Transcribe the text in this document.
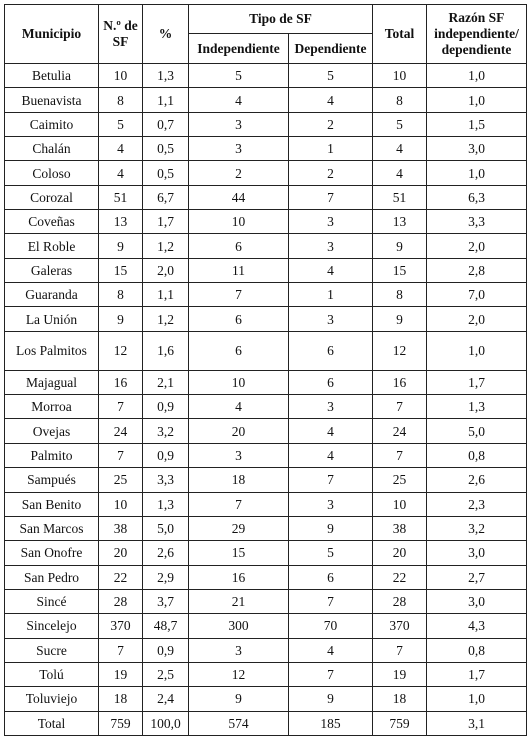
Municipio	N.º de SF	%	Tipo de SF		Total	Razón SF independiente/ dependiente
			Independiente	Dependiente		
Betulia	10	1,3	5	5	10	1,0
Buenavista	8	1,1	4	4	8	1,0
Caimito	5	0,7	3	2	5	1,5
Chalán	4	0,5	3	1	4	3,0
Coloso	4	0,5	2	2	4	1,0
Corozal	51	6,7	44	7	51	6,3
Coveñas	13	1,7	10	3	13	3,3
El Roble	9	1,2	6	3	9	2,0
Galeras	15	2,0	11	4	15	2,8
Guaranda	8	1,1	7	1	8	7,0
La Unión	9	1,2	6	3	9	2,0
Los Palmitos	12	1,6	6	6	12	1,0
Majagual	16	2,1	10	6	16	1,7
Morroa	7	0,9	4	3	7	1,3
Ovejas	24	3,2	20	4	24	5,0
Palmito	7	0,9	3	4	7	0,8
Sampués	25	3,3	18	7	25	2,6
San Benito	10	1,3	7	3	10	2,3
San Marcos	38	5,0	29	9	38	3,2
San Onofre	20	2,6	15	5	20	3,0
San Pedro	22	2,9	16	6	22	2,7
Sincé	28	3,7	21	7	28	3,0
Sincelejo	370	48,7	300	70	370	4,3
Sucre	7	0,9	3	4	7	0,8
Tolú	19	2,5	12	7	19	1,7
Toluviejo	18	2,4	9	9	18	1,0
Total	759	100,0	574	185	759	3,1
